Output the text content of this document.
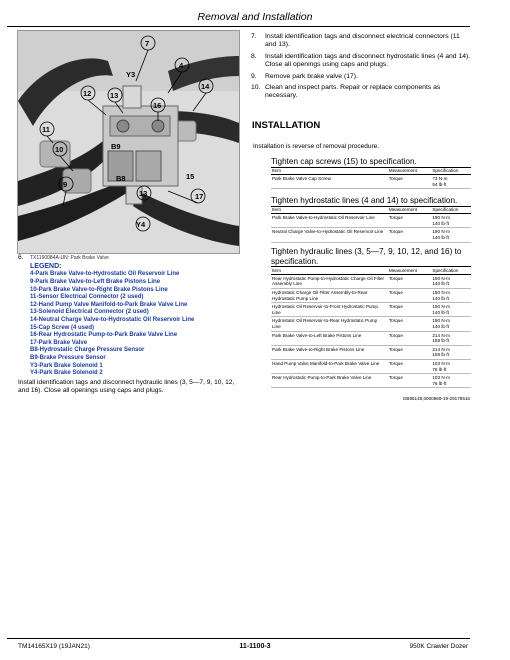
Removal and Installation
7
Y3
4
14
12 13
16
11
B9
10
B8	15
9
13	17
Y4
6. TX1190084A-UN: Park Brake Valve
LEGEND:
4-Park Brake Valve-to-Hydrostatic Oil Reservoir Line
9-Park Brake Valve-to-Left Brake Pistons Line
10-Park Brake Valve-to-Right Brake Pistons Line
11-Sensor Electrical Connector (2 used)
12-Hand Pump Valve Manifold-to-Park Brake Valve Line
13-Solenoid Electrical Connector (2 used)
14-Neutral Charge Valve-to-Hydrostatic Oil Reservoir Line
15-Cap Screw (4 used)
16-Rear Hydrostatic Pump-to-Park Brake Valve Line
17-Park Brake Valve
B8-Hydrostatic Charge Pressure Sensor
B9-Brake Pressure Sensor
Y3-Park Brake Solenoid 1
Y4-Park Brake Solenoid 2
Install identification tags and disconnect hydraulic lines (3, 5—7, 9, 10, 12, and 16). Close all openings using caps and plugs.
7. Install identification tags and disconnect electrical connectors (11 and 13).
8. Install identification tags and disconnect hydrostatic lines (4 and 14). Close all openings using caps and plugs.
9. Remove park brake valve (17).
10. Clean and inspect parts. Repair or replace components as necessary.
INSTALLATION
Installation is reverse of removal procedure.
Tighten cap screws (15) to specification.
Item	Measurement	Specification
Park Brake Valve Cap Screw	Torque	73 N·m
54 lb·ft
Tighten hydrostatic lines (4 and 14) to specification.
Item	Measurement	Specification
Park Brake Valve-to-Hydrostatic Oil Reservoir Line	Torque	190 N·m
140 lb·ft

Neutral Charge Valve-to-Hydrostatic Oil Reservoir Line	Torque	190 N·m
140 lb·ft
Tighten hydraulic lines (3, 5—7, 9, 10, 12, and 16) to specification.
Item	Measurement	Specification
Rear Hydrostatic Pump-to-Hydrostatic Charge Oil Filter Assembly Line	Torque	190 N·m
140 lb·ft

Hydrostatic Charge Oil Filter Assembly-to-Rear Hydrostatic Pump Line	Torque	190 N·m
140 lb·ft

Hydrostatic Oil Reservoir-to-Front Hydrostatic Pump Line	Torque	190 N·m
140 lb·ft

Hydrostatic Oil Reservoir-to-Rear Hydrostatic Pump Line	Torque	190 N·m
140 lb·ft

Park Brake Valve-to-Left Brake Pistons Line	Torque	214 N·m
158 lb·ft

Park Brake Valve-to-Right Brake Pistons Line	Torque	214 N·m
158 lb·ft

Hand Pump Valve Manifold-to-Park Brake Valve Line	Torque	103 N·m
76 lb·ft

Rear Hydrostatic Pump-to-Park Brake Valve Line	Torque	103 N·m
76 lb·ft
DB95148,0000869-19-29178516
TM14165X19 (19JAN21)	11-1100-3	950K Crawler Dozer
